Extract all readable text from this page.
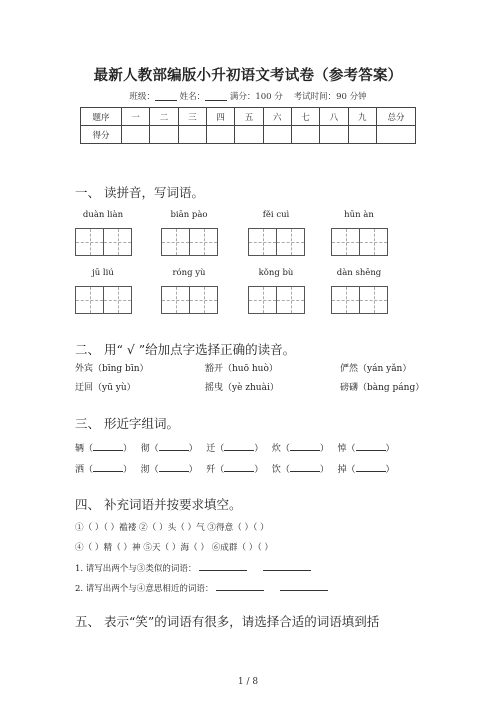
最新人教部编版小升初语文考试卷（参考答案）
班级：	姓名：	满分：100 分 考试时间：90 分钟
题序	一	二	三	四	五	六	七	八	九	总分
得分										
一、 读拼音，写词语。
duàn liàn	biān pào	fěi cuì	hūn àn
jū liú	róng yù	kǒng bù	dàn shēng
二、 用“ √ ”给加点字选择正确的读音。
外宾（bīng bīn）	豁开（huō huò）	俨然（yán yǎn）
迂回（yū yù）	摇曳（yè zhuài）	磅礴（bàng páng）
三、 形近字组词。
辆（	） 彻（	） 迁（	） 炊（	） 悼（	）
洒（	） 沏（	） 歼（	） 饮（	） 掉（	）
四、 补充词语并按要求填空。
①（ ）（ ）褴褛 ②（ ）头（ ）气 ③得意（ ）（ ）
④（ ）精（ ）神 ⑤天（ ）海（ ） ⑥成群（ ）（ ）
1. 请写出两个与③类似的词语：
2. 请写出两个与④意思相近的词语：
五、 表示“笑”的词语有很多，请选择合适的词语填到括
1 / 8
